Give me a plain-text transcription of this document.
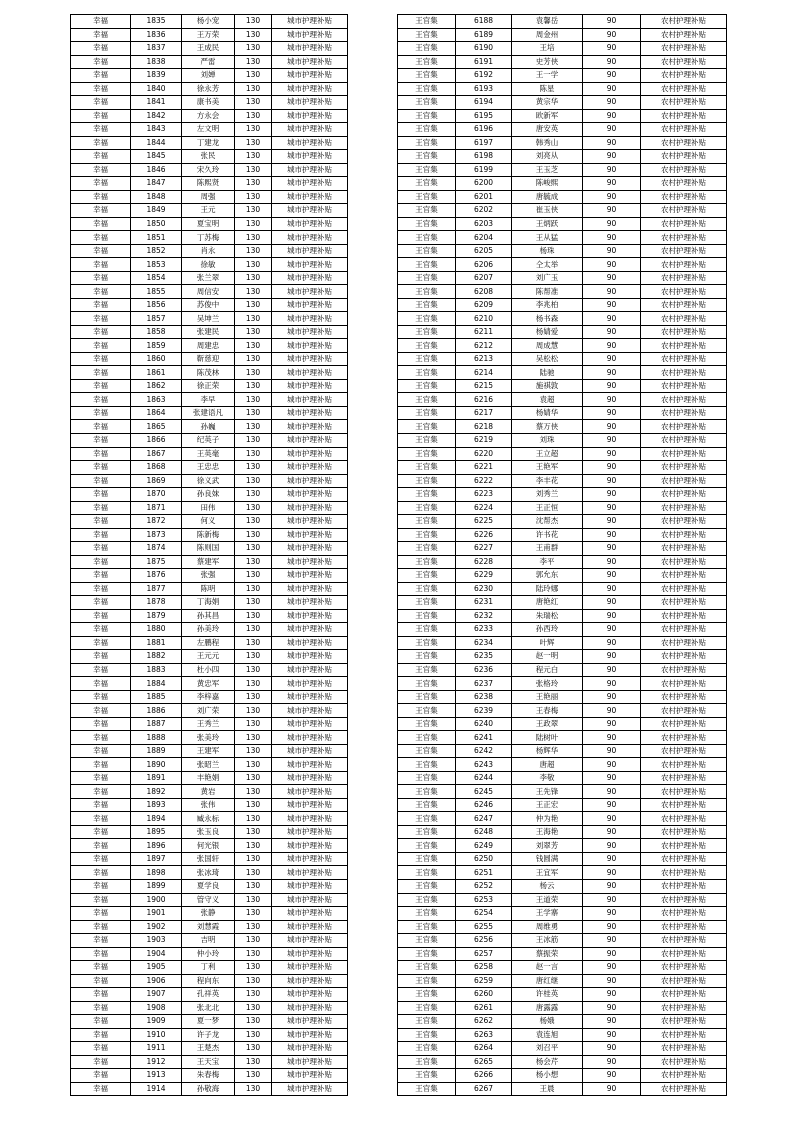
幸福	1835	杨小宠	130	城市护理补贴
幸福	1836	王万荣	130	城市护理补贴
幸福	1837	王成民	130	城市护理补贴
幸福	1838	严雷	130	城市护理补贴
幸福	1839	刘婵	130	城市护理补贴
幸福	1840	徐永芳	130	城市护理补贴
幸福	1841	康书美	130	城市护理补贴
幸福	1842	方永会	130	城市护理补贴
幸福	1843	左文明	130	城市护理补贴
幸福	1844	丁建龙	130	城市护理补贴
幸福	1845	张民	130	城市护理补贴
幸福	1846	宋久玲	130	城市护理补贴
幸福	1847	陈熙贤	130	城市护理补贴
幸福	1848	周强	130	城市护理补贴
幸福	1849	王元	130	城市护理补贴
幸福	1850	夏宝明	130	城市护理补贴
幸福	1851	丁苏梅	130	城市护理补贴
幸福	1852	肖永	130	城市护理补贴
幸福	1853	徐敏	130	城市护理补贴
幸福	1854	张兰翠	130	城市护理补贴
幸福	1855	周信安	130	城市护理补贴
幸福	1856	苏俊中	130	城市护理补贴
幸福	1857	吴坤兰	130	城市护理补贴
幸福	1858	张建民	130	城市护理补贴
幸福	1859	周建忠	130	城市护理补贴
幸福	1860	靳慈迎	130	城市护理补贴
幸福	1861	陈茂林	130	城市护理补贴
幸福	1862	徐正荣	130	城市护理补贴
幸福	1863	李早	130	城市护理补贴
幸福	1864	张建语凡	130	城市护理补贴
幸福	1865	孙巍	130	城市护理补贴
幸福	1866	纪英子	130	城市护理补贴
幸福	1867	王英毫	130	城市护理补贴
幸福	1868	王忠忠	130	城市护理补贴
幸福	1869	徐义武	130	城市护理补贴
幸福	1870	孙良妹	130	城市护理补贴
幸福	1871	田伟	130	城市护理补贴
幸福	1872	何义	130	城市护理补贴
幸福	1873	陈新梅	130	城市护理补贴
幸福	1874	陈则国	130	城市护理补贴
幸福	1875	蔡建军	130	城市护理补贴
幸福	1876	张强	130	城市护理补贴
幸福	1877	陈明	130	城市护理补贴
幸福	1878	丁海娟	130	城市护理补贴
幸福	1879	孙其昌	130	城市护理补贴
幸福	1880	孙美玲	130	城市护理补贴
幸福	1881	左鹏程	130	城市护理补贴
幸福	1882	王元元	130	城市护理补贴
幸福	1883	杜小四	130	城市护理补贴
幸福	1884	黄忠军	130	城市护理补贴
幸福	1885	李梓嘉	130	城市护理补贴
幸福	1886	刘广荣	130	城市护理补贴
幸福	1887	王秀兰	130	城市护理补贴
幸福	1888	张美玲	130	城市护理补贴
幸福	1889	王建军	130	城市护理补贴
幸福	1890	张昭兰	130	城市护理补贴
幸福	1891	丰艳娟	130	城市护理补贴
幸福	1892	黄岩	130	城市护理补贴
幸福	1893	张伟	130	城市护理补贴
幸福	1894	臧永标	130	城市护理补贴
幸福	1895	张玉良	130	城市护理补贴
幸福	1896	何光银	130	城市护理补贴
幸福	1897	张国轩	130	城市护理补贴
幸福	1898	张冰琦	130	城市护理补贴
幸福	1899	夏学良	130	城市护理补贴
幸福	1900	管守义	130	城市护理补贴
幸福	1901	张静	130	城市护理补贴
幸福	1902	刘慧霞	130	城市护理补贴
幸福	1903	吉明	130	城市护理补贴
幸福	1904	仲小玲	130	城市护理补贴
幸福	1905	丁利	130	城市护理补贴
幸福	1906	程向东	130	城市护理补贴
幸福	1907	孔祥英	130	城市护理补贴
幸福	1908	张北北	130	城市护理补贴
幸福	1909	夏一梦	130	城市护理补贴
幸福	1910	许子龙	130	城市护理补贴
幸福	1911	王楚杰	130	城市护理补贴
幸福	1912	王天宝	130	城市护理补贴
幸福	1913	朱春梅	130	城市护理补贴
幸福	1914	孙敬海	130	城市护理补贴
王官集	6188	袁馨岳	90	农村护理补贴
王官集	6189	周金州	90	农村护理补贴
王官集	6190	王培	90	农村护理补贴
王官集	6191	史芳侠	90	农村护理补贴
王官集	6192	王一学	90	农村护理补贴
王官集	6193	陈星	90	农村护理补贴
王官集	6194	黄宗华	90	农村护理补贴
王官集	6195	欧新军	90	农村护理补贴
王官集	6196	唐安英	90	农村护理补贴
王官集	6197	韩秀山	90	农村护理补贴
王官集	6198	刘亮从	90	农村护理补贴
王官集	6199	王玉芝	90	农村护理补贴
王官集	6200	陈峻熙	90	农村护理补贴
王官集	6201	唐毓成	90	农村护理补贴
王官集	6202	崔玉侠	90	农村护理补贴
王官集	6203	王炳跃	90	农村护理补贴
王官集	6204	王从猛	90	农村护理补贴
王官集	6205	杨珠	90	农村护理补贴
王官集	6206	仝太举	90	农村护理补贴
王官集	6207	刘广玉	90	农村护理补贴
王官集	6208	陈帮准	90	农村护理补贴
王官集	6209	李兆柏	90	农村护理补贴
王官集	6210	杨书森	90	农村护理补贴
王官集	6211	杨婧爱	90	农村护理补贴
王官集	6212	周成慧	90	农村护理补贴
王官集	6213	吴松松	90	农村护理补贴
王官集	6214	陆驰	90	农村护理补贴
王官集	6215	施祺敦	90	农村护理补贴
王官集	6216	袁超	90	农村护理补贴
王官集	6217	杨婧华	90	农村护理补贴
王官集	6218	蔡万侠	90	农村护理补贴
王官集	6219	刘珠	90	农村护理补贴
王官集	6220	王立超	90	农村护理补贴
王官集	6221	王艳军	90	农村护理补贴
王官集	6222	李丰花	90	农村护理补贴
王官集	6223	刘秀兰	90	农村护理补贴
王官集	6224	王正恒	90	农村护理补贴
王官集	6225	沈帮杰	90	农村护理补贴
王官集	6226	许书花	90	农村护理补贴
王官集	6227	王甫群	90	农村护理补贴
王官集	6228	李平	90	农村护理补贴
王官集	6229	郭允东	90	农村护理补贴
王官集	6230	陆玲娜	90	农村护理补贴
王官集	6231	唐艳红	90	农村护理补贴
王官集	6232	朱瑞松	90	农村护理补贴
王官集	6233	孙西玲	90	农村护理补贴
王官集	6234	叶辉	90	农村护理补贴
王官集	6235	赵一明	90	农村护理补贴
王官集	6236	程元白	90	农村护理补贴
王官集	6237	张格玲	90	农村护理补贴
王官集	6238	王艳丽	90	农村护理补贴
王官集	6239	王春梅	90	农村护理补贴
王官集	6240	王政翠	90	农村护理补贴
王官集	6241	陆树叶	90	农村护理补贴
王官集	6242	杨辉华	90	农村护理补贴
王官集	6243	唐超	90	农村护理补贴
王官集	6244	李敬	90	农村护理补贴
王官集	6245	王先锋	90	农村护理补贴
王官集	6246	王正宏	90	农村护理补贴
王官集	6247	仲为艳	90	农村护理补贴
王官集	6248	王海艳	90	农村护理补贴
王官集	6249	刘翠芳	90	农村护理补贴
王官集	6250	钱圆满	90	农村护理补贴
王官集	6251	王宜军	90	农村护理补贴
王官集	6252	杨云	90	农村护理补贴
王官集	6253	王道荣	90	农村护理补贴
王官集	6254	王学寨	90	农村护理补贴
王官集	6255	周维勇	90	农村护理补贴
王官集	6256	王冰筋	90	农村护理补贴
王官集	6257	蔡振荣	90	农村护理补贴
王官集	6258	赵一言	90	农村护理补贴
王官集	6259	唐红继	90	农村护理补贴
王官集	6260	许桂英	90	农村护理补贴
王官集	6261	唐露露	90	农村护理补贴
王官集	6262	杨娥	90	农村护理补贴
王官集	6263	袁连旭	90	农村护理补贴
王官集	6264	刘召平	90	农村护理补贴
王官集	6265	杨会芹	90	农村护理补贴
王官集	6266	杨小想	90	农村护理补贴
王官集	6267	王晨	90	农村护理补贴
